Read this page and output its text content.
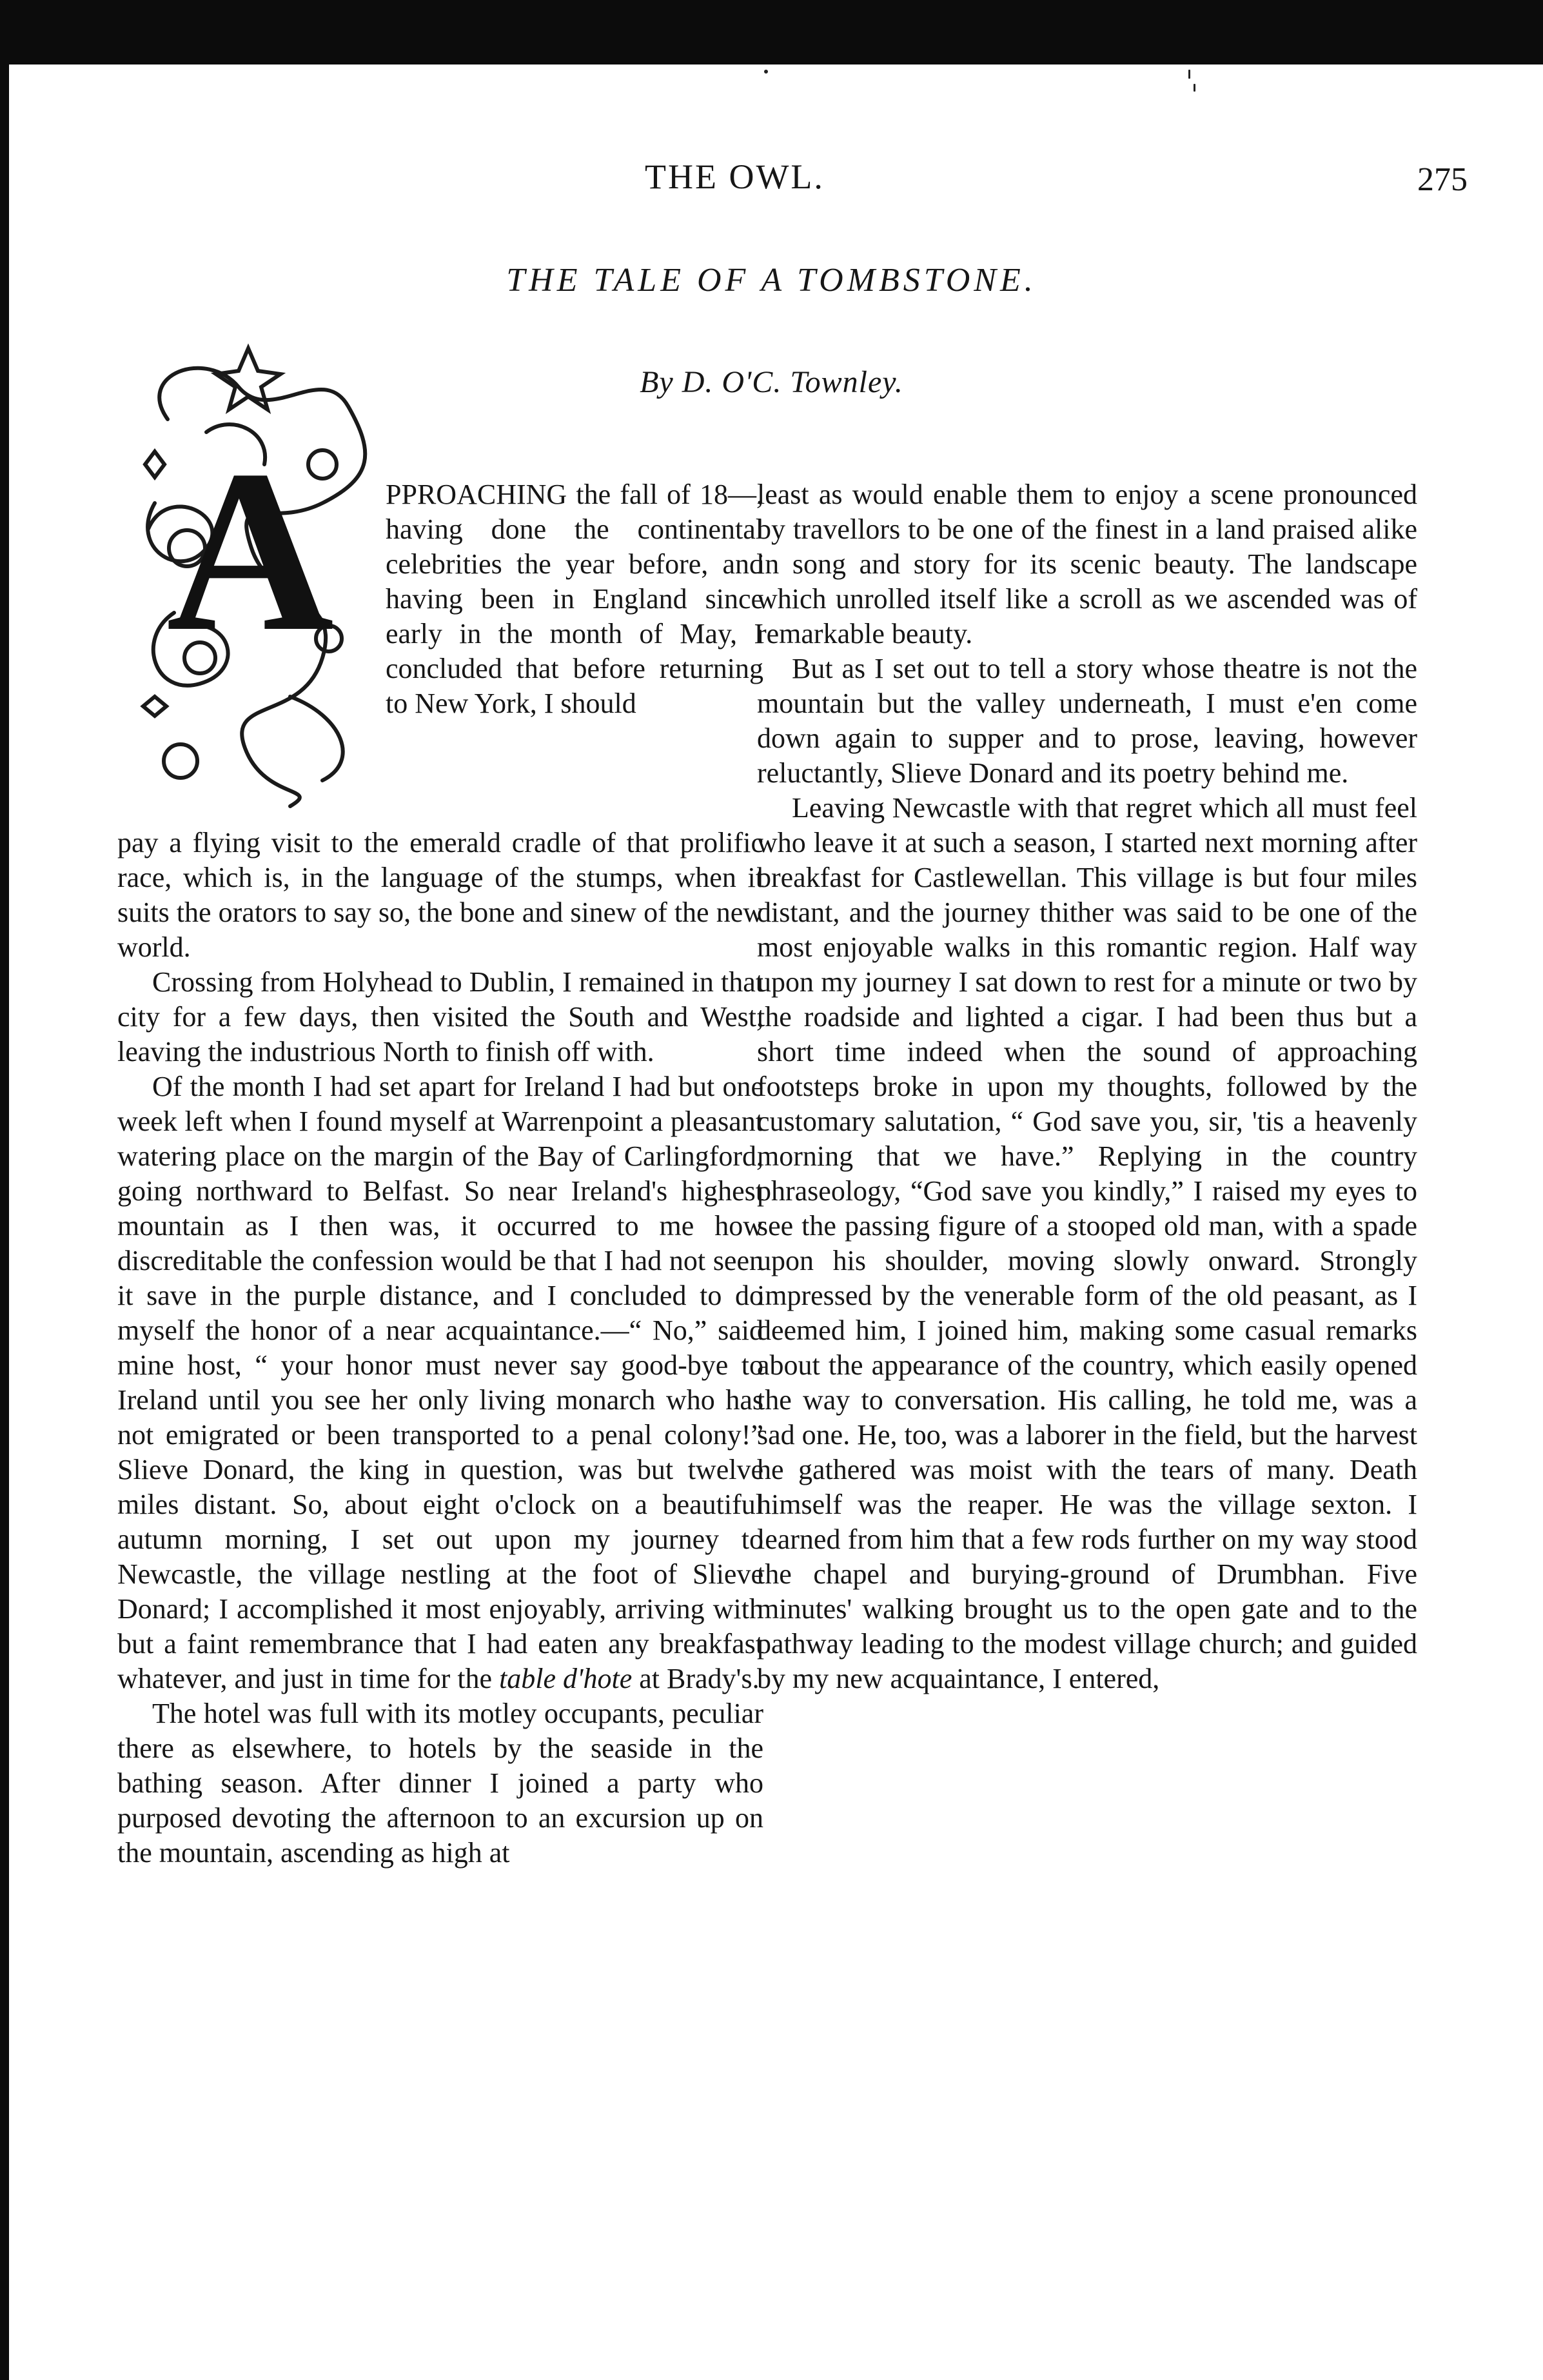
THE OWL.	275
THE TALE OF A TOMBSTONE.
By D. O'C. Townley.
A PPROACHING the fall of 18—, having done the continental celebrities the year before, and having been in England since early in the month of May, I concluded that before returning to New York, I should

pay a flying visit to the emerald cradle of that prolific race, which is, in the language of the stumps, when it suits the orators to say so, the bone and sinew of the new world.

Crossing from Holyhead to Dublin, I remained in that city for a few days, then visited the South and West, leaving the industrious North to finish off with.

Of the month I had set apart for Ireland I had but one week left when I found myself at Warrenpoint a pleasant watering place on the margin of the Bay of Carlingford, going northward to Belfast. So near Ireland's highest mountain as I then was, it occurred to me how discreditable the confession would be that I had not seen it save in the purple distance, and I concluded to do myself the honor of a near acquaintance.—“ No,” said mine host, “ your honor must never say good-bye to Ireland until you see her only living monarch who has not emigrated or been transported to a penal colony!” Slieve Donard, the king in question, was but twelve miles distant. So, about eight o'clock on a beautiful autumn morning, I set out upon my journey to Newcastle, the village nestling at the foot of Slieve Donard; I accomplished it most enjoyably, arriving with but a faint remembrance that I had eaten any breakfast whatever, and just in time for the table d'hote at Brady's.

The hotel was full with its motley occupants, peculiar there as elsewhere, to hotels by the seaside in the bathing season. After dinner I joined a party who purposed devoting the afternoon to an excursion up on the mountain, ascending as high at

least as would enable them to enjoy a scene pronounced by travellors to be one of the finest in a land praised alike in song and story for its scenic beauty. The landscape which unrolled itself like a scroll as we ascended was of remarkable beauty.

But as I set out to tell a story whose theatre is not the mountain but the valley underneath, I must e'en come down again to supper and to prose, leaving, however reluctantly, Slieve Donard and its poetry behind me.

Leaving Newcastle with that regret which all must feel who leave it at such a season, I started next morning after breakfast for Castlewellan. This village is but four miles distant, and the journey thither was said to be one of the most enjoyable walks in this romantic region. Half way upon my journey I sat down to rest for a minute or two by the roadside and lighted a cigar. I had been thus but a short time indeed when the sound of approaching footsteps broke in upon my thoughts, followed by the customary salutation, “ God save you, sir, 'tis a heavenly morning that we have.” Replying in the country phraseology, “God save you kindly,” I raised my eyes to see the passing figure of a stooped old man, with a spade upon his shoulder, moving slowly onward. Strongly impressed by the venerable form of the old peasant, as I deemed him, I joined him, making some casual remarks about the appearance of the country, which easily opened the way to conversation. His calling, he told me, was a sad one. He, too, was a laborer in the field, but the harvest he gathered was moist with the tears of many. Death himself was the reaper. He was the village sexton. I learned from him that a few rods further on my way stood the chapel and burying-ground of Drumbhan. Five minutes' walking brought us to the open gate and to the pathway leading to the modest village church; and guided by my new acquaintance, I entered,
